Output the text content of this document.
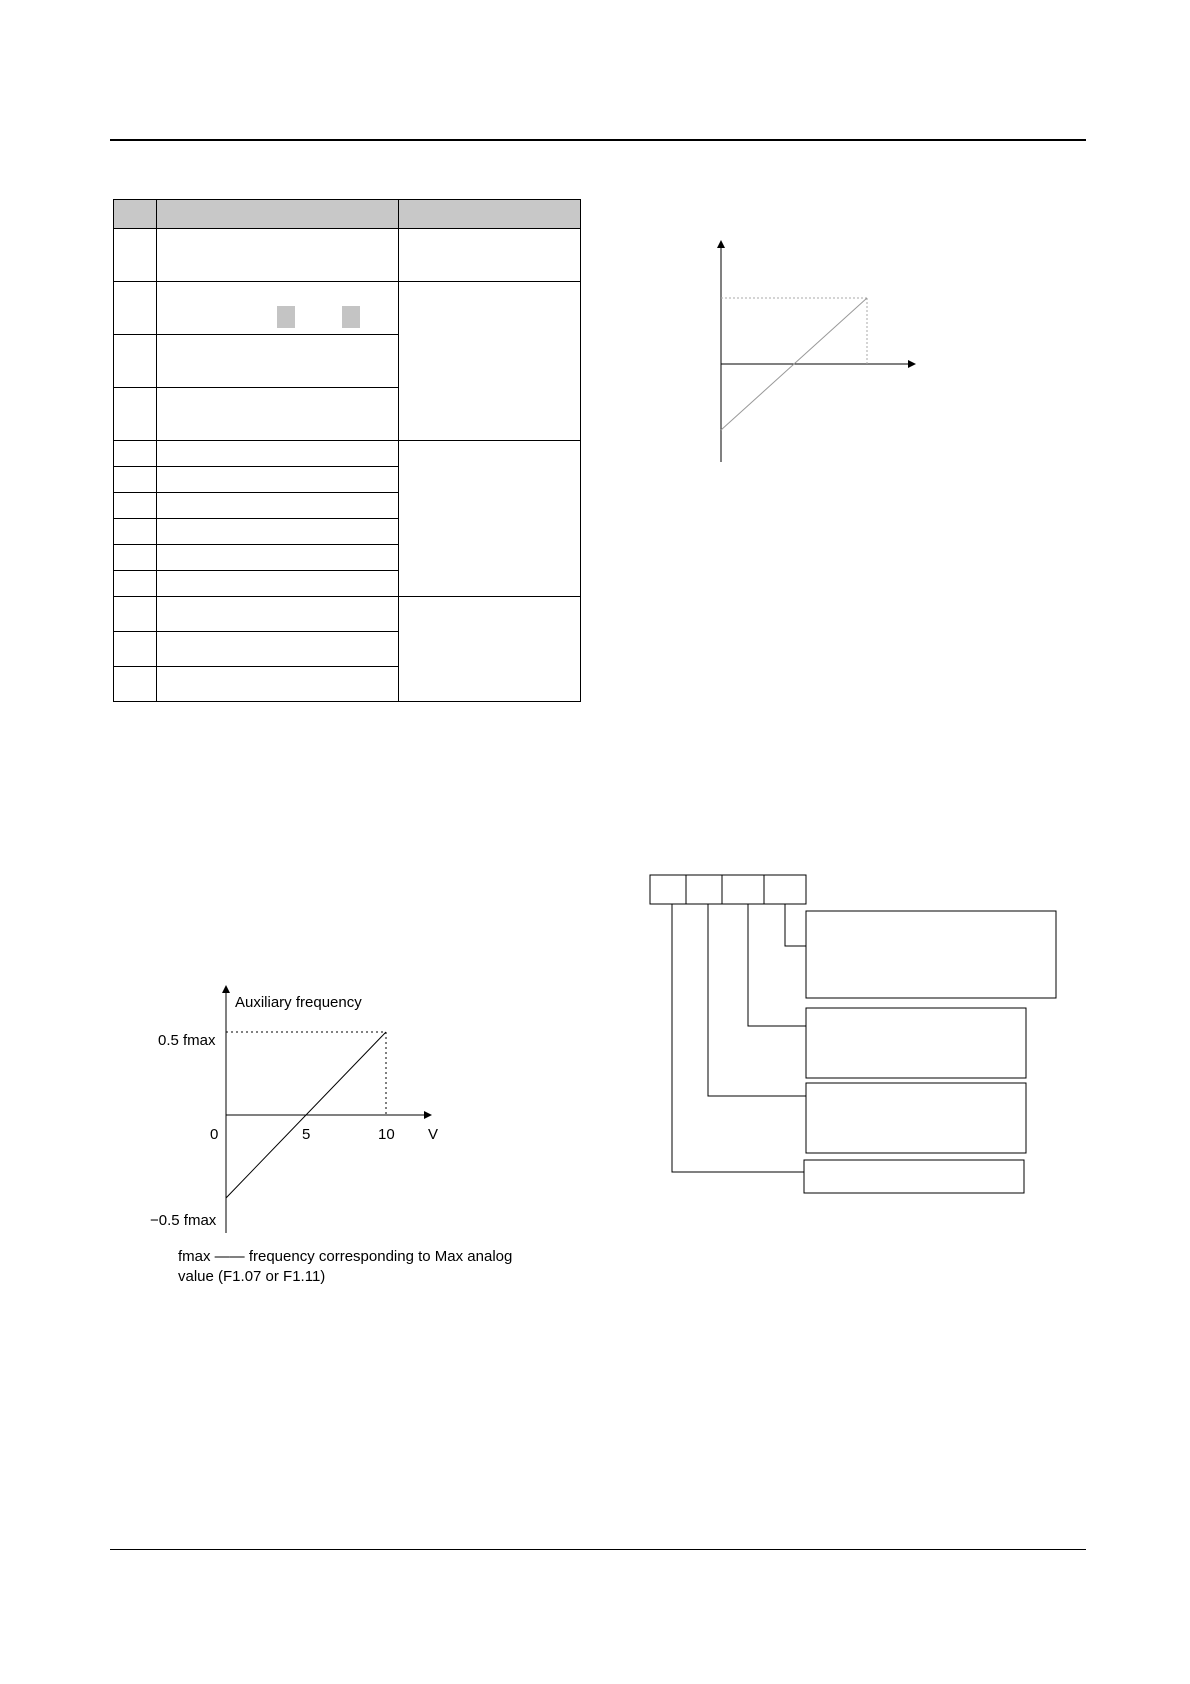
Auxiliary frequency
V
0	5	10
0.5 fmax
−0.5 fmax
fmax —— frequency corresponding to Max analog
value (F1.07 or F1.11)
